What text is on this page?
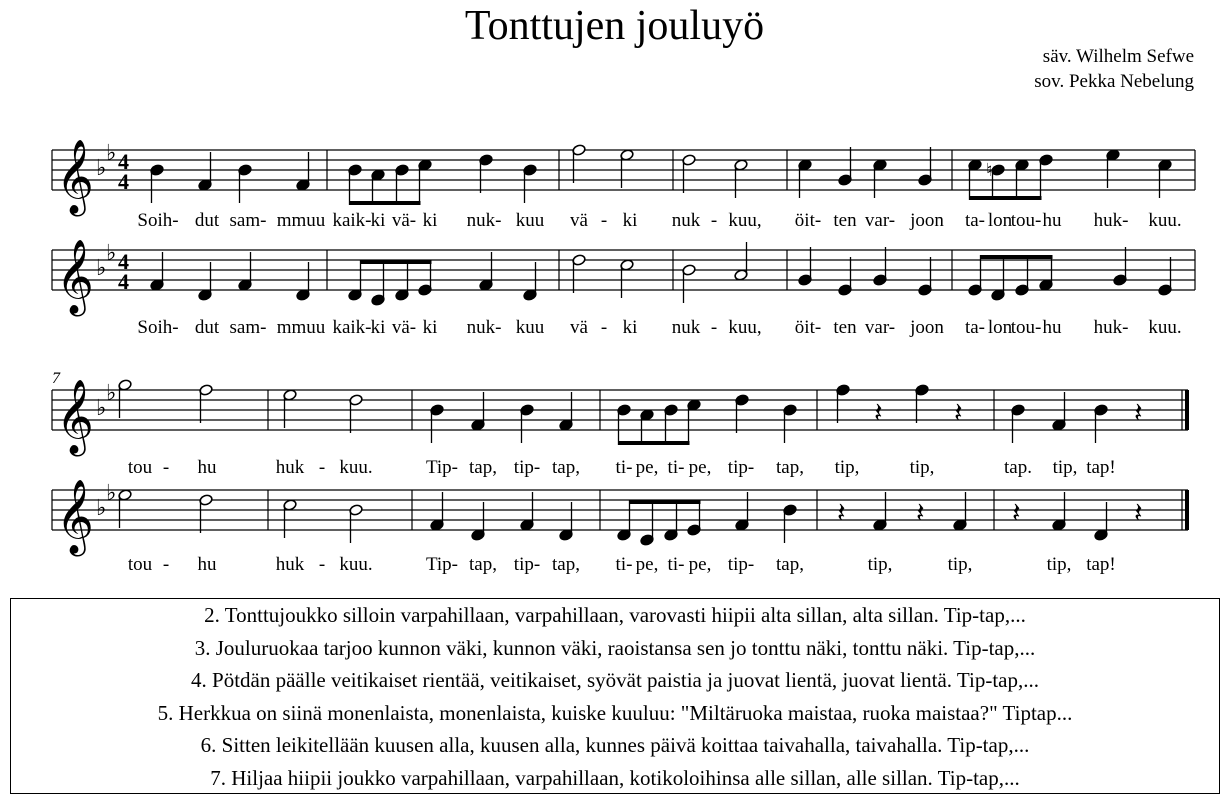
Tonttujen jouluyö
säv. Wilhelm Sefwe
sov. Pekka Nebelung
𝄞 ♭
♭ 4
4
𝄞 ♭
♭ 4
4
𝄞 ♭
♭
𝄞 ♭
♭
7
♮
𝄽	𝄽	𝄽
𝄽	𝄽	𝄽	𝄽
Soih- dut sam- mmuu kaik- ki vä- ki nuk- kuu vä - ki nuk - kuu, öit- ten var- joon ta- lon
tou- hu huk- kuu.
Soih- dut sam- mmuu kaik- ki vä- ki nuk- kuu vä - ki nuk - kuu, öit- ten var- joon ta- lon
tou- hu huk- kuu.
tou - hu	huk - kuu.	Tip- tap, tip- tap, ti- pe, ti- pe, tip- tap, tip,	tip,	tap. tip, tap!
tou - hu	huk - kuu.	Tip- tap, tip- tap, ti- pe, ti- pe, tip- tap,	tip,	tip,	tip, tap!
2. Tonttujoukko silloin varpahillaan, varpahillaan, varovasti hiipii alta sillan, alta sillan. Tip-tap,...
3. Jouluruokaa tarjoo kunnon väki, kunnon väki, raoistansa sen jo tonttu näki, tonttu näki. Tip-tap,...
4. Pötdän päälle veitikaiset rientää, veitikaiset, syövät paistia ja juovat lientä, juovat lientä. Tip-tap,...
5. Herkkua on siinä monenlaista, monenlaista, kuiske kuuluu: "Miltäruoka maistaa, ruoka maistaa?" Tiptap...
6. Sitten leikitellään kuusen alla, kuusen alla, kunnes päivä koittaa taivahalla, taivahalla. Tip-tap,...
7. Hiljaa hiipii joukko varpahillaan, varpahillaan, kotikoloihinsa alle sillan, alle sillan. Tip-tap,...
